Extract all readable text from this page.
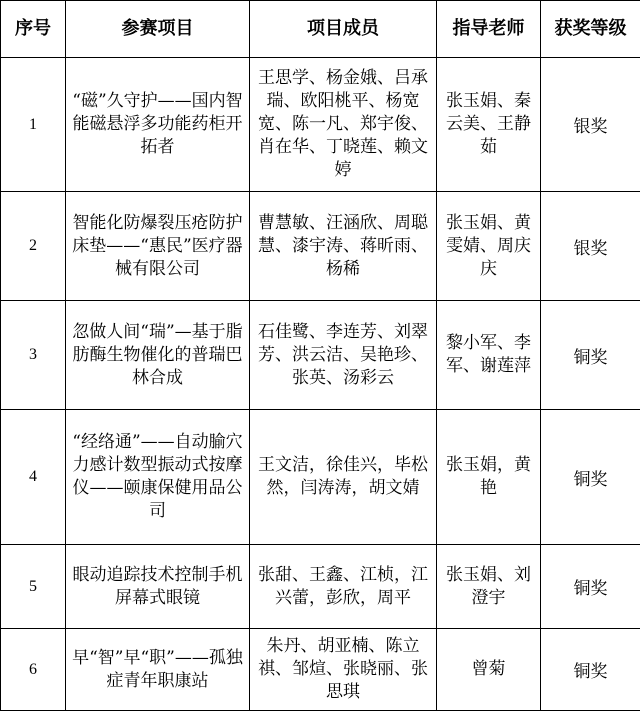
序号	参赛项目	项目成员	指导老师	获奖等级
1	“磁”久守护——国内智能磁悬浮多功能药柜开拓者	王思学、杨金娥、吕承瑞、欧阳桃平、杨宽宽、陈一凡、郑宇俊、肖在华、丁晓莲、赖文婷	张玉娟、秦云美、王静茹	银奖
2	智能化防爆裂压疮防护床垫——“惠民”医疗器械有限公司	曹慧敏、汪涵欣、周聪慧、漆宇涛、蒋昕雨、杨稀	张玉娟、黄雯婧、周庆庆	银奖
3	忽做人间“瑞”—基于脂肪酶生物催化的普瑞巴林合成	石佳鹭、李连芳、刘翠芳、洪云洁、吴艳珍、张英、汤彩云	黎小军、李军、谢莲萍	铜奖
4	“经络通”——自动腧穴力感计数型振动式按摩仪——颐康保健用品公司	王文洁，徐佳兴，毕松然，闫涛涛，胡文婧	张玉娟，黄艳	铜奖
5	眼动追踪技术控制手机屏幕式眼镜	张甜、王鑫、江桢，江兴蕾，彭欣，周平	张玉娟、刘澄宇	铜奖
6	早“智”早“职”——孤独症青年职康站	朱丹、胡亚楠、陈立祺、邹煊、张晓丽、张思琪	曾菊	铜奖
